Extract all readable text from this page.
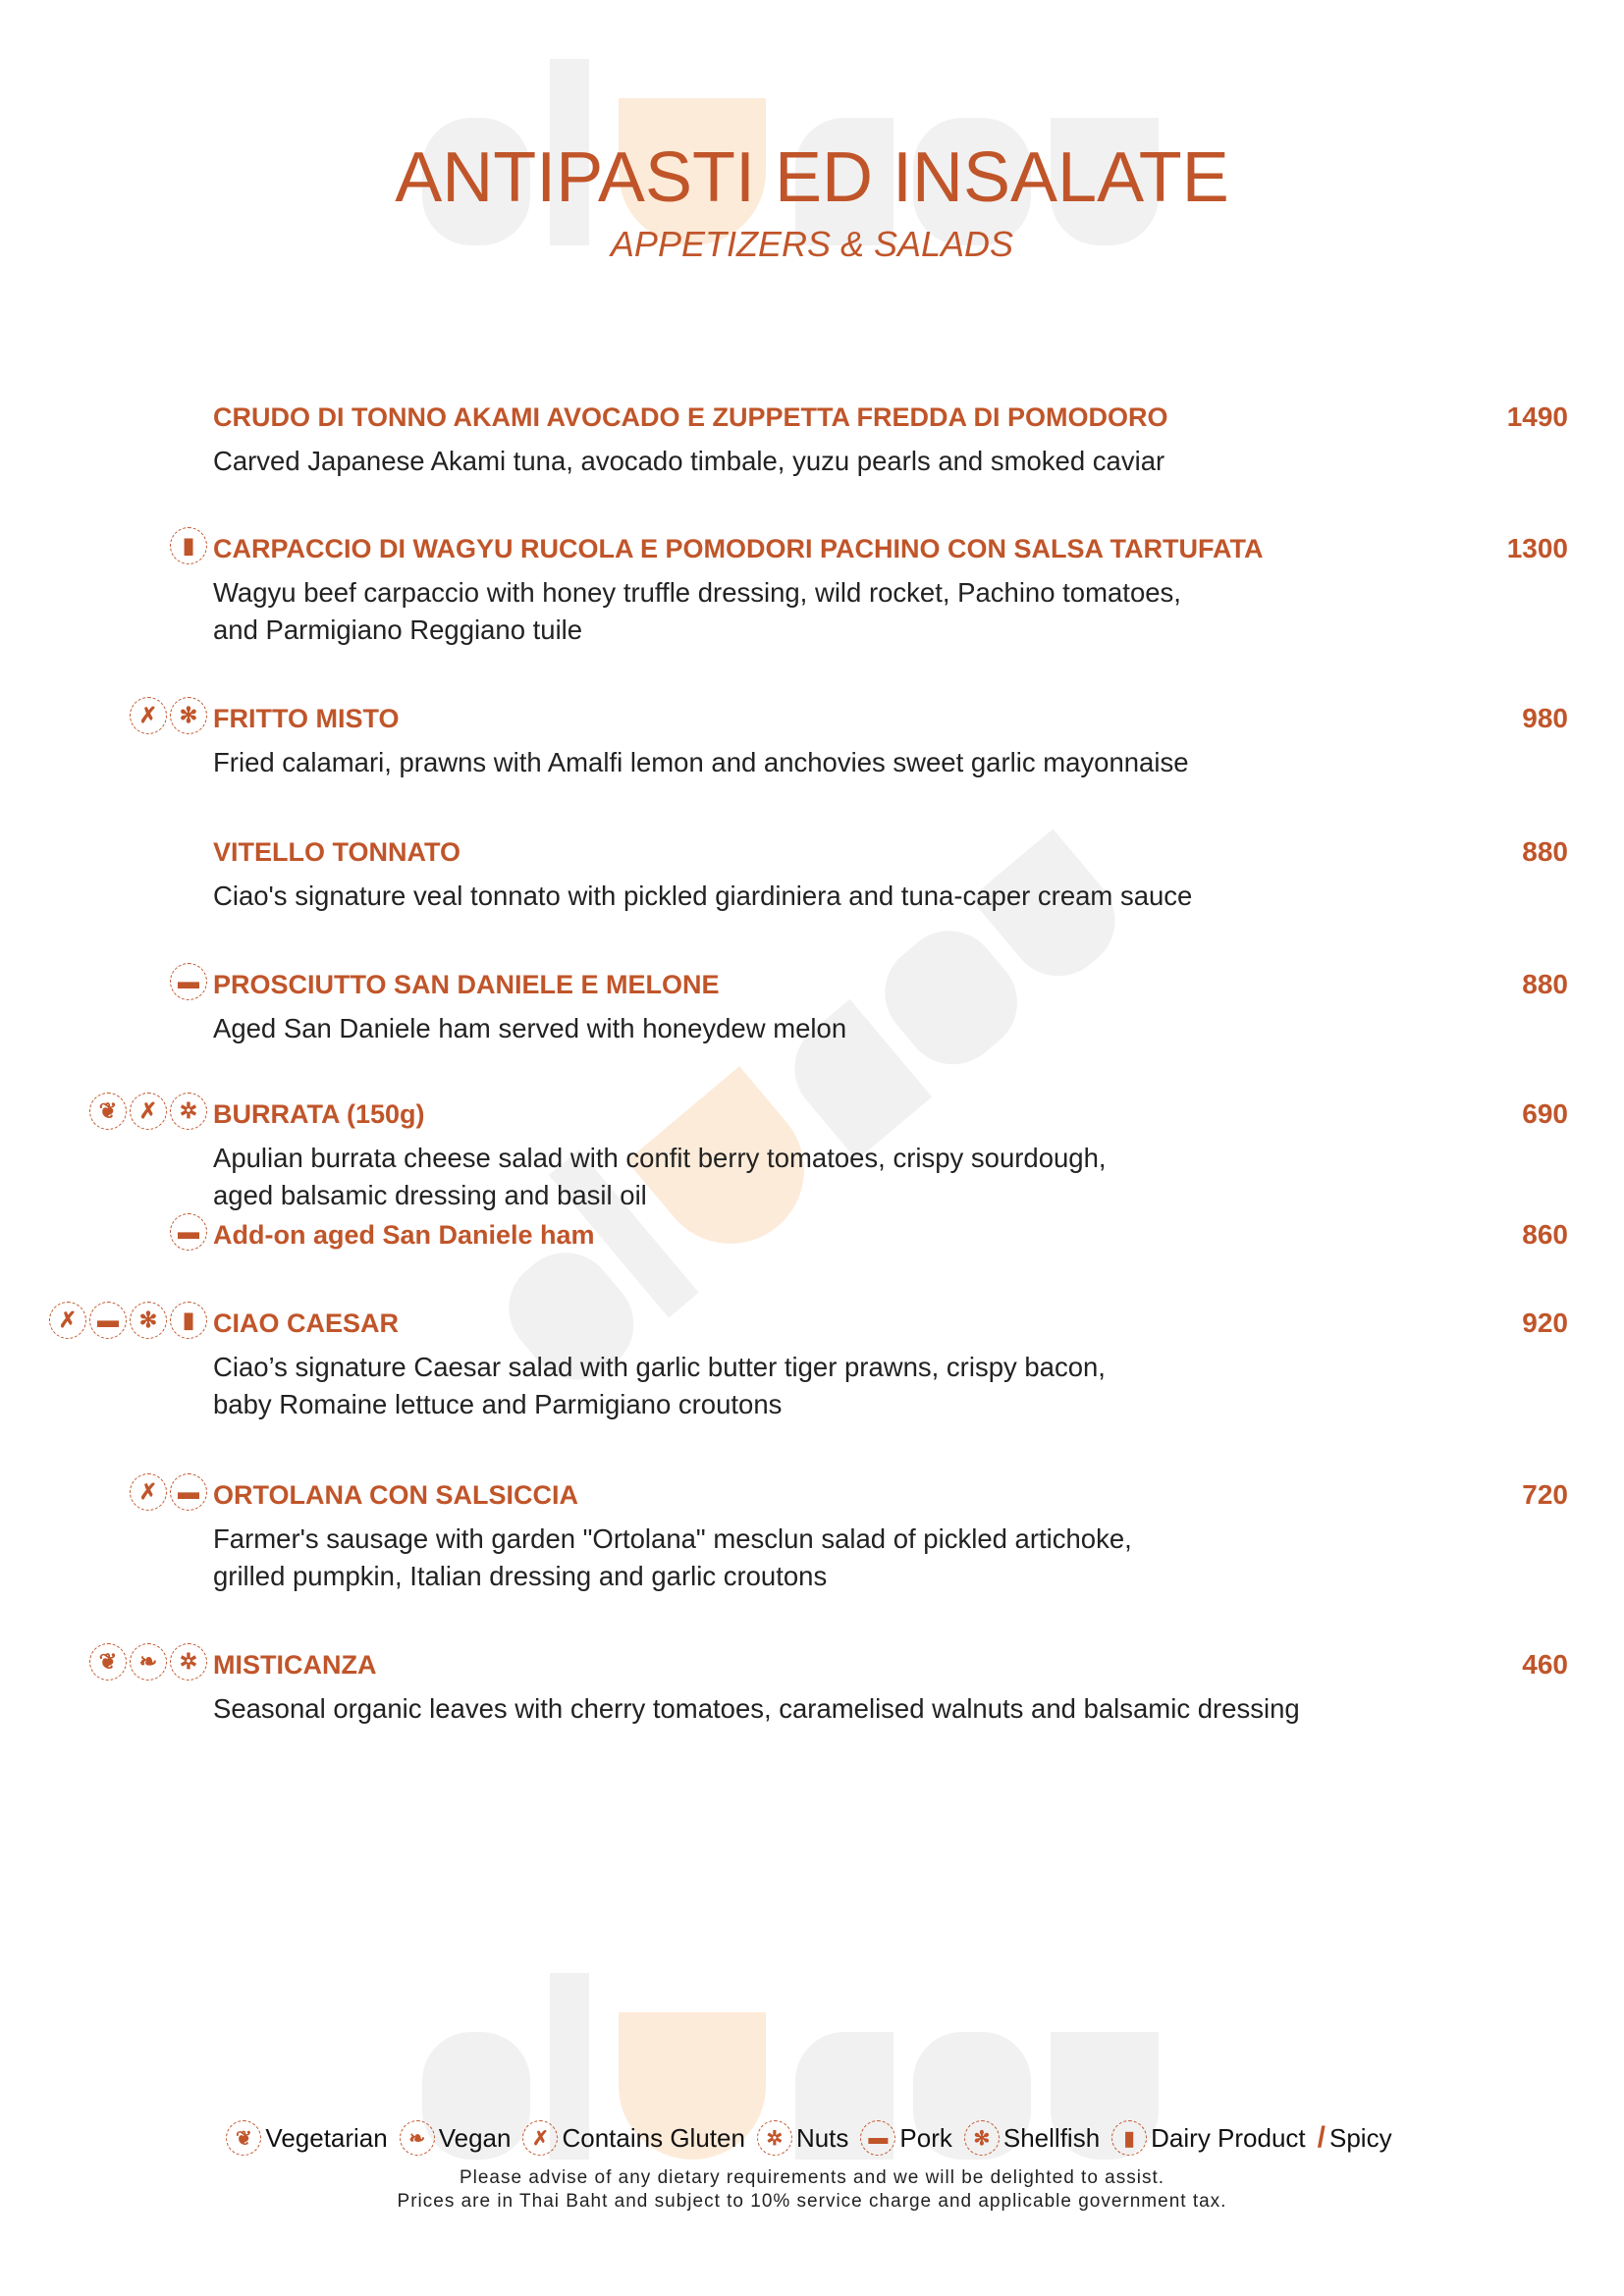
ANTIPASTI ED INSALATE
APPETIZERS & SALADS
CRUDO DI TONNO AKAMI AVOCADO E ZUPPETTA FREDDA DI POMODORO	1490
Carved Japanese Akami tuna, avocado timbale, yuzu pearls and smoked caviar
CARPACCIO DI WAGYU RUCOLA E POMODORI PACHINO CON SALSA TARTUFATA	1300
Wagyu beef carpaccio with honey truffle dressing, wild rocket, Pachino tomatoes,
and Parmigiano Reggiano tuile
▮
FRITTO MISTO	980
Fried calamari, prawns with Amalfi lemon and anchovies sweet garlic mayonnaise
✗	✻
VITELLO TONNATO	880
Ciao's signature veal tonnato with pickled giardiniera and tuna-caper cream sauce
PROSCIUTTO SAN DANIELE E MELONE	880
Aged San Daniele ham served with honeydew melon
▬
BURRATA (150g)	690
Apulian burrata cheese salad with confit berry tomatoes, crispy sourdough,
aged balsamic dressing and basil oil
❦	✗	✲
CIAO CAESAR	920
Ciao’s signature Caesar salad with garlic butter tiger prawns, crispy bacon,
baby Romaine lettuce and Parmigiano croutons
✗ ▬ ✻	▮
ORTOLANA CON SALSICCIA	720
Farmer's sausage with garden "Ortolana" mesclun salad of pickled artichoke,
grilled pumpkin, Italian dressing and garlic croutons
✗ ▬
MISTICANZA	460
Seasonal organic leaves with cherry tomatoes, caramelised walnuts and balsamic dressing
❦	❧	✲
Add-on aged San Daniele ham	860
▬
❦ Vegetarian	❧ Vegan	✗ Contains Gluten	✲ Nuts	▬ Pork	✻ Shellfish	▮ Dairy Product / Spicy
Please advise of any dietary requirements and we will be delighted to assist.
Prices are in Thai Baht and subject to 10% service charge and applicable government tax.
